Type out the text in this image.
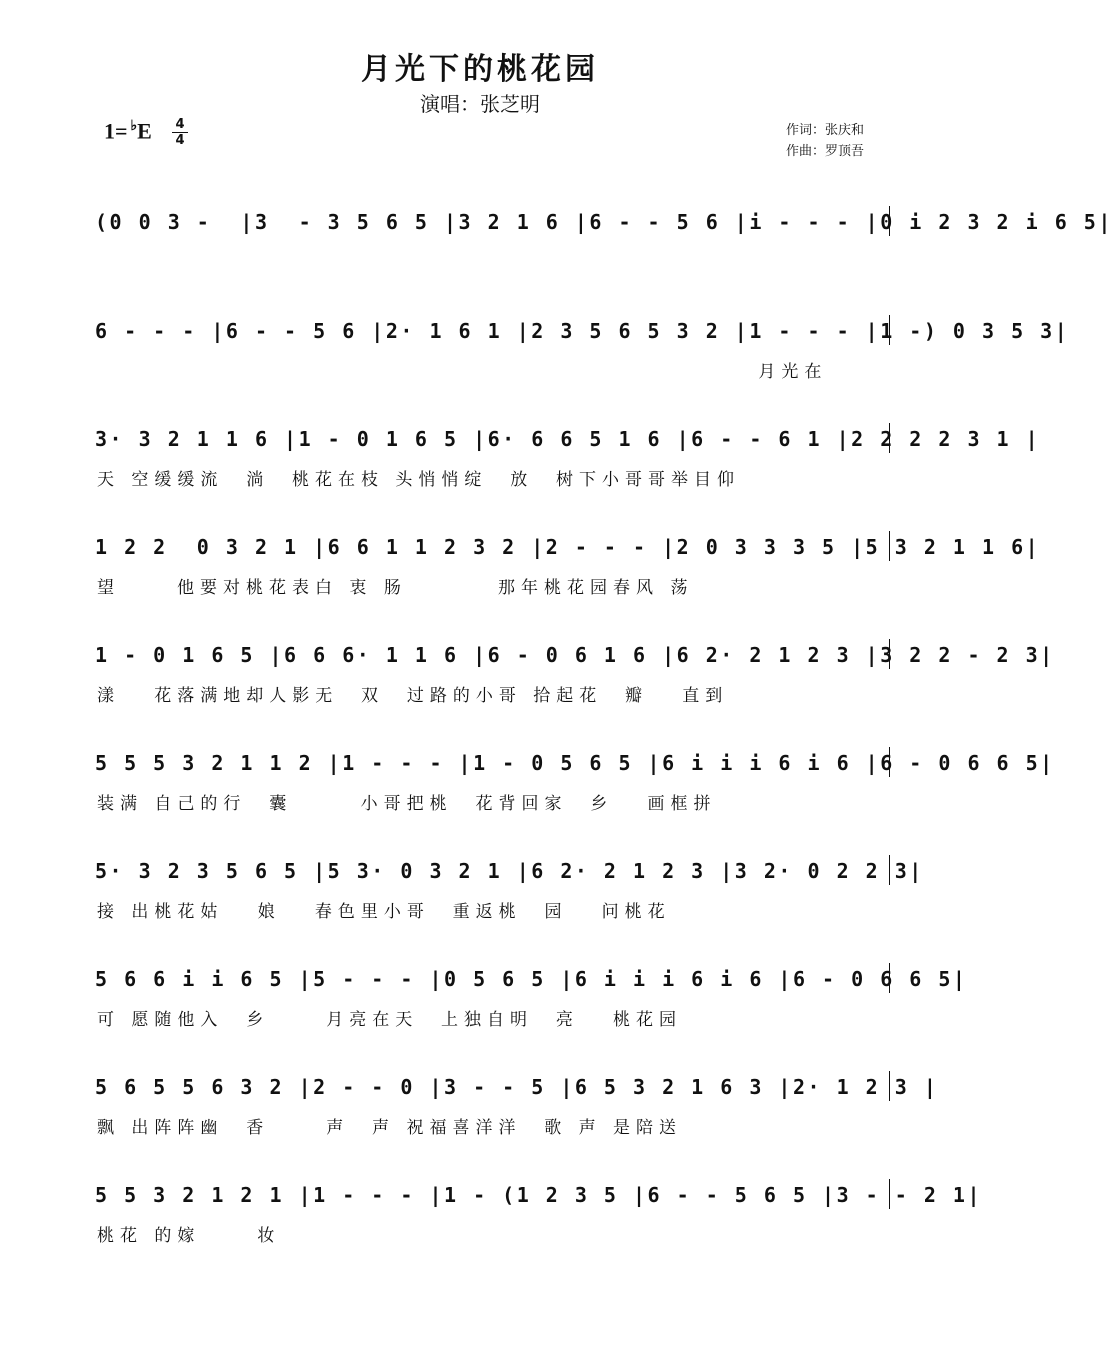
月光下的桃花园
演唱：张芝明
1= ♭E 4
4
作词：张庆和
作曲：罗顶吾
(0 0 3 -  |3  - 3 5 6 5 |3 2 1 6 |6 - - 5 6 |i - - - |0 i 2 3 2 i 6 5|
6 - - - |6 - - 5 6 |2· 1 6 1 |2 3 5 6 5 3 2 |1 - - - |1 -) 0 3 5 3|
月光在
3· 3 2 1 1 6 |1 - 0 1 6 5 |6· 6 6 5 1 6 |6 - - 6 1 |2 2 2 2 3 1 |
天 空缓缓流  淌  桃花在枝 头悄悄绽  放  树下小哥哥举目仰
1 2 2  0 3 2 1 |6 6 1 1 2 3 2 |2 - - - |2 0 3 3 3 5 |5 3 2 1 1 6|
望     他要对桃花表白 衷 肠        那年桃花园春风 荡
1 - 0 1 6 5 |6 6 6· 1 1 6 |6 - 0 6 1 6 |6 2· 2 1 2 3 |3 2 2 - 2 3|
漾   花落满地却人影无  双  过路的小哥 拾起花  瓣   直到
5 5 5 3 2 1 1 2 |1 - - - |1 - 0 5 6 5 |6 i i i 6 i 6 |6 - 0 6 6 5|
装满 自己的行  囊      小哥把桃  花背回家  乡   画框拼
5· 3 2 3 5 6 5 |5 3· 0 3 2 1 |6 2· 2 1 2 3 |3 2· 0 2 2 3|
接 出桃花姑   娘   春色里小哥  重返桃  园   问桃花
5 6 6 i i 6 5 |5 - - - |0 5 6 5 |6 i i i 6 i 6 |6 - 0 6 6 5|
可 愿随他入  乡     月亮在天  上独自明  亮   桃花园
5 6 5 5 6 3 2 |2 - - 0 |3 - - 5 |6 5 3 2 1 6 3 |2· 1 2 3 |
飘 出阵阵幽  香     声  声 祝福喜洋洋  歌 声 是陪送
5 5 3 2 1 2 1 |1 - - - |1 - (1 2 3 5 |6 - - 5 6 5 |3 - - 2 1|
桃花 的嫁     妆
